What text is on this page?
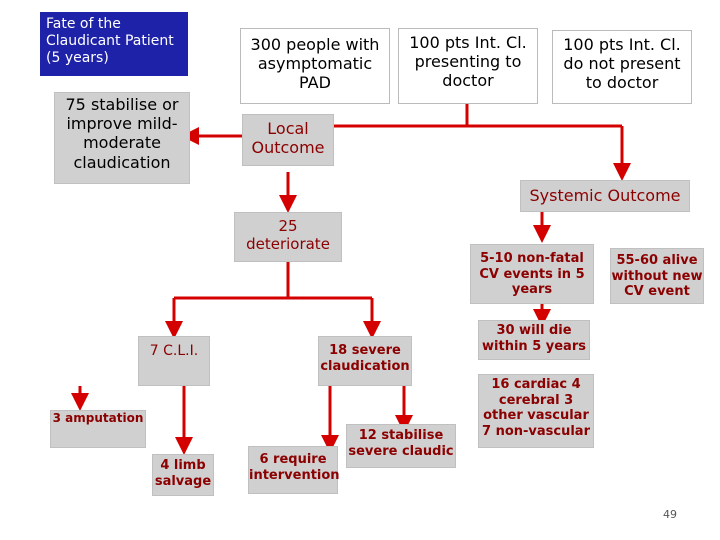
Fate of the Claudicant Patient (5 years)
300 people with asymptomatic PAD
100 pts Int. Cl. presenting to doctor
100 pts Int. Cl. do not present to doctor
75 stabilise or improve mild-moderate claudication
Local Outcome
Systemic Outcome
25 deteriorate
7 C.L.I.	18 severe claudication
3 amputation
4 limb salvage
6 require intervention
12 stabilise severe claudic
5-10 non-fatal CV events in 5 years
55-60 alive without new CV event
30 will die within 5 years
16 cardiac 4 cerebral 3 other vascular 7 non-vascular
49
